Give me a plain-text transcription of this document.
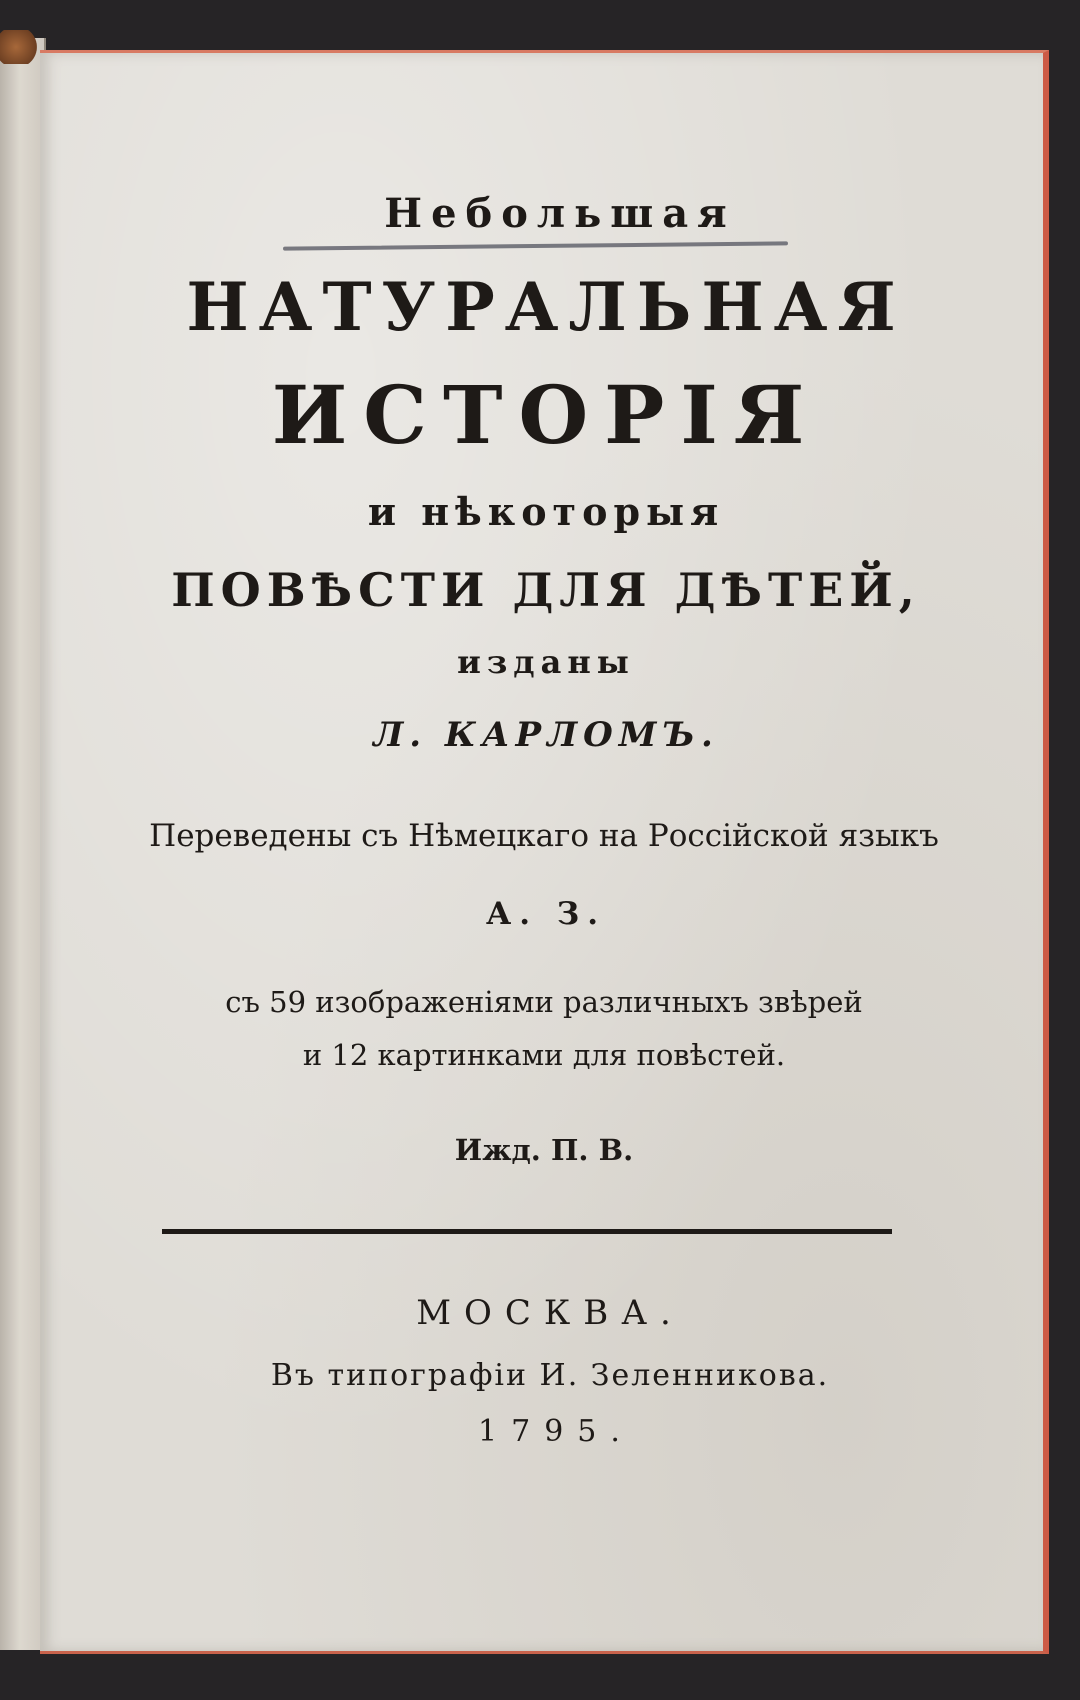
Небольшая
НАТУРАЛЬНАЯ
ИСТОРІЯ
и нѣкоторыя
ПОВѢСТИ ДЛЯ ДѢТЕЙ,
изданы
Л. КАРЛОМЪ.
Переведены съ Нѣмецкаго на Россійской языкъ
А. З.
съ 59 изображеніями различныхъ звѣрей
и 12 картинками для повѣстей.
Ижд. П. В.
МОСКВА.
Въ типографіи И. Зеленникова.
1795.
